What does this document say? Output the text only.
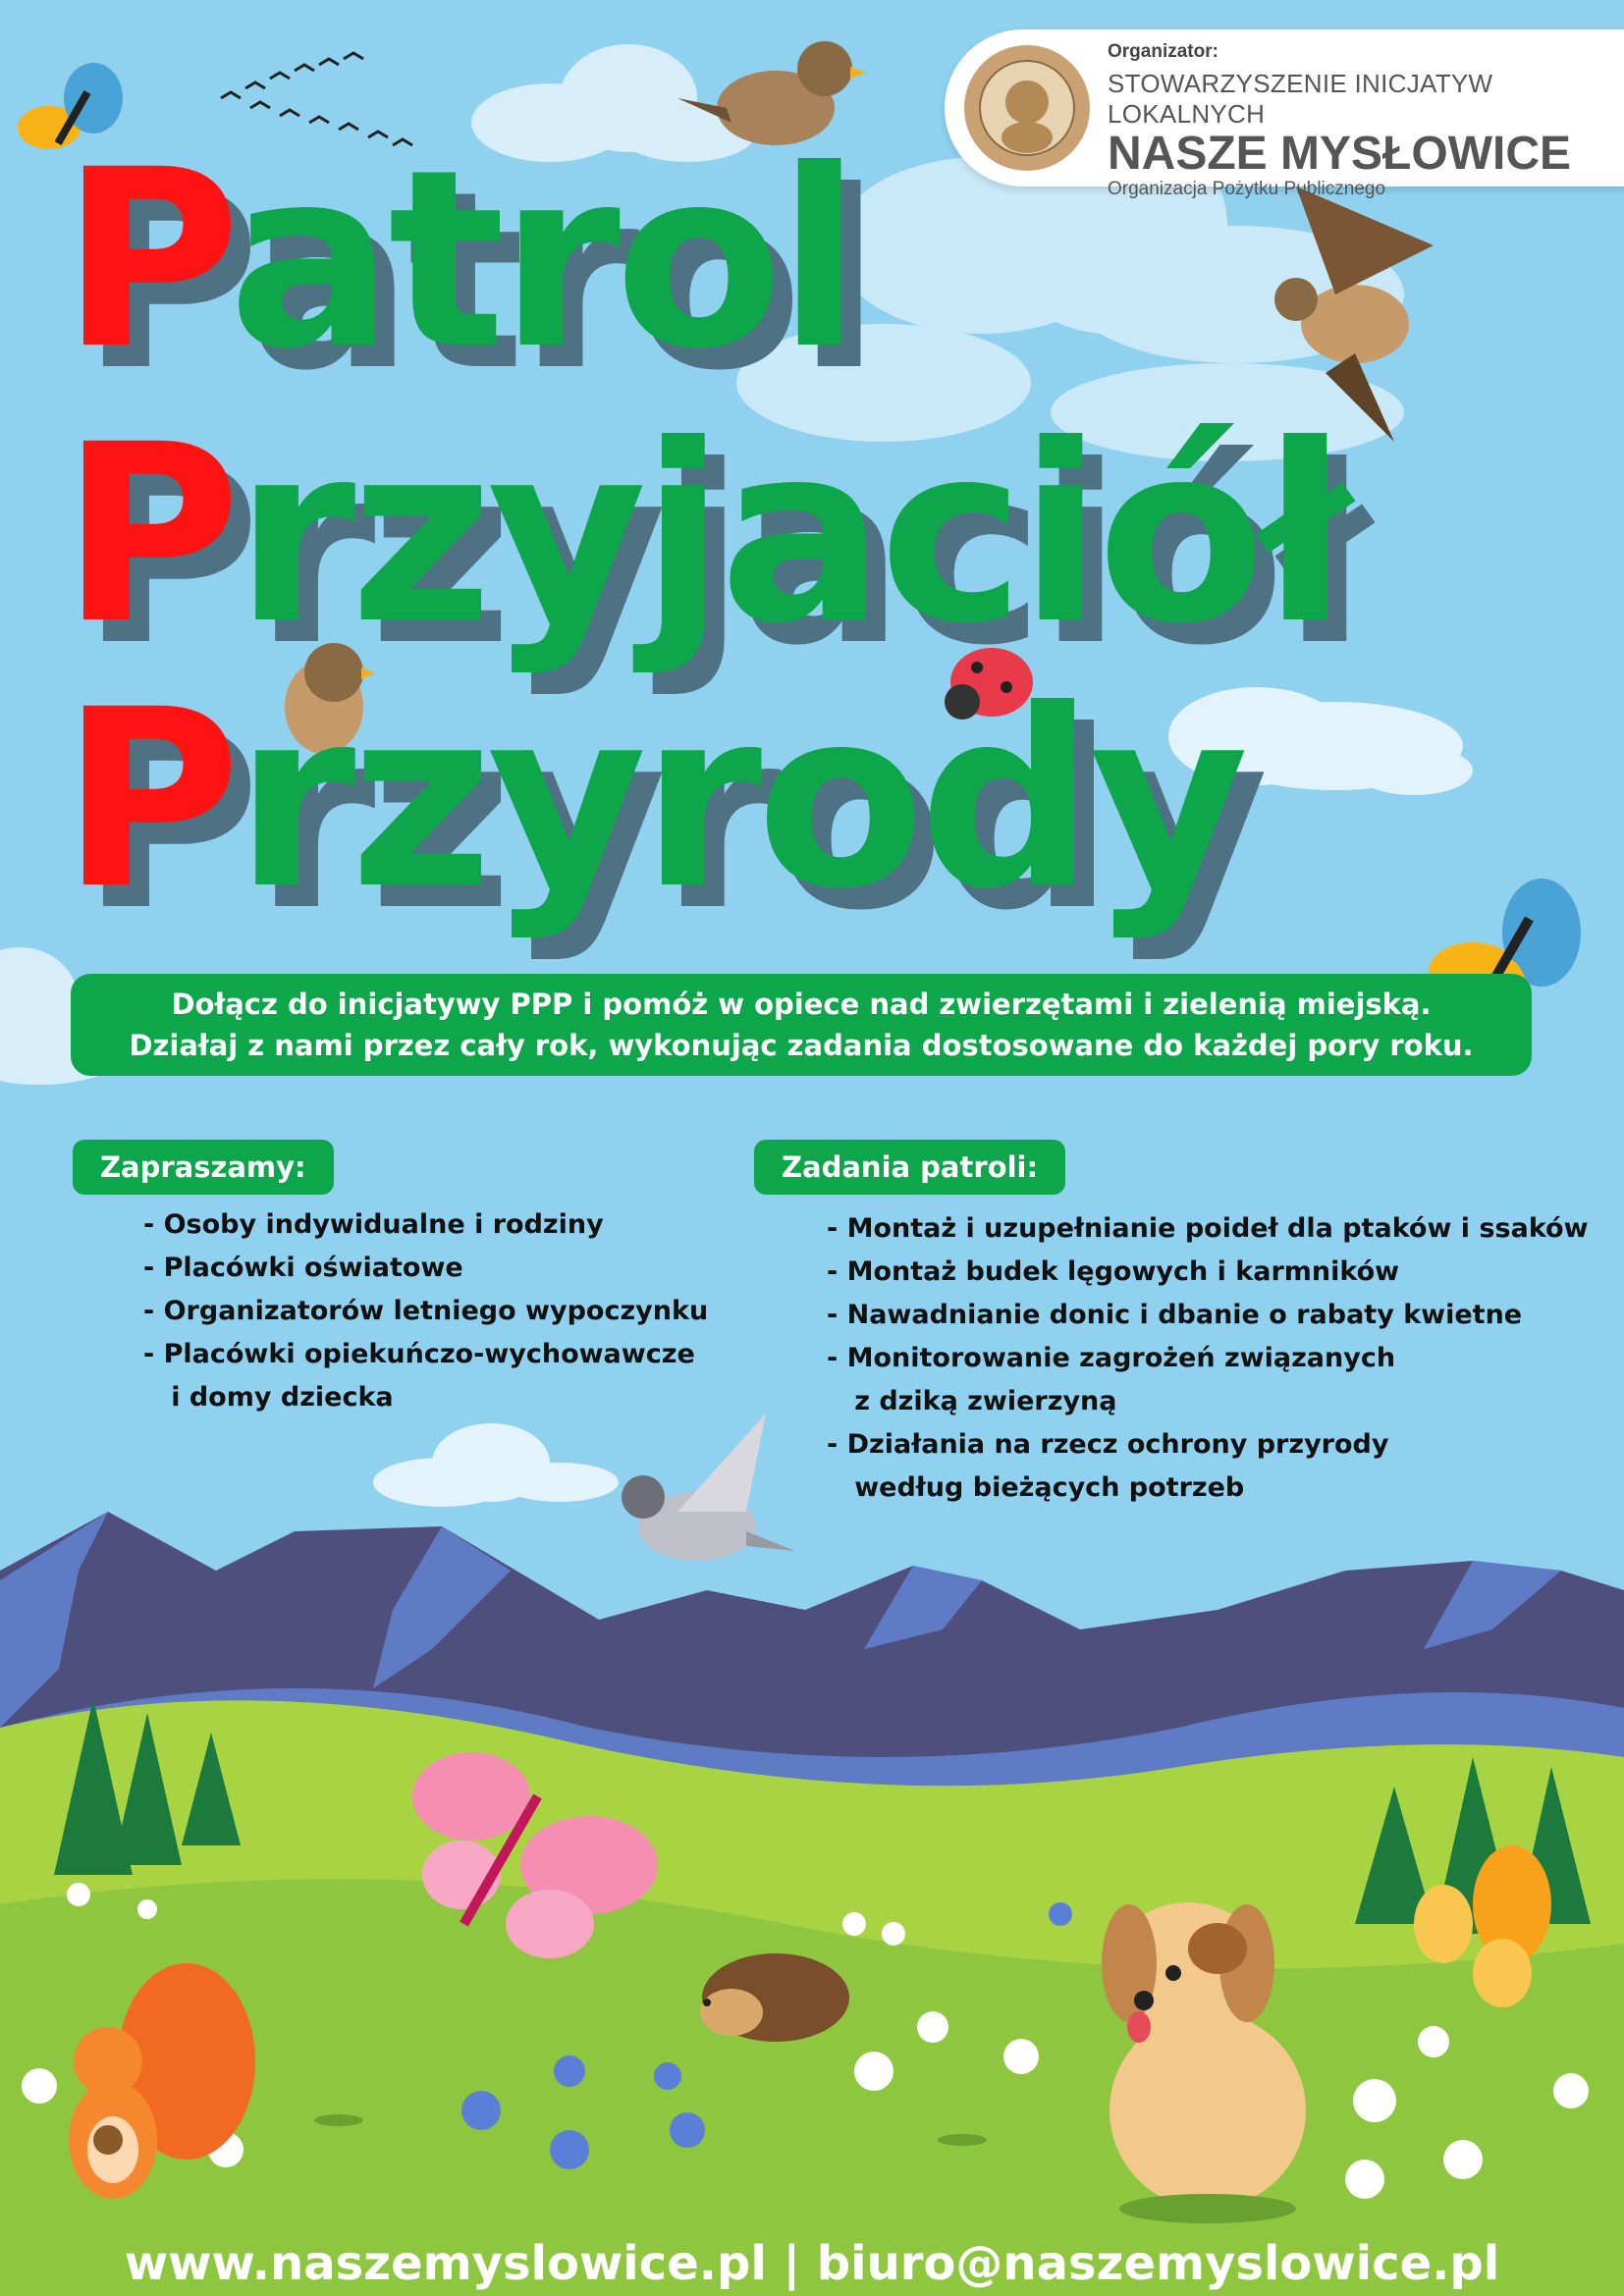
Organizator:
STOWARZYSZENIE INICJATYW LOKALNYCH
NASZE MYSŁOWICE
Organizacja Pożytku Publicznego
Patrol
Przyjaciół
Przyrody
Dołącz do inicjatywy PPP i pomóż w opiece nad zwierzętami i zielenią miejską.
Działaj z nami przez cały rok, wykonując zadania dostosowane do każdej pory roku.
Zapraszamy:
- Osoby indywidualne i rodziny
- Placówki oświatowe
- Organizatorów letniego wypoczynku
- Placówki opiekuńczo-wychowawcze
i domy dziecka
Zadania patroli:
- Montaż i uzupełnianie poideł dla ptaków i ssaków
- Montaż budek lęgowych i karmników
- Nawadnianie donic i dbanie o rabaty kwietne
- Monitorowanie zagrożeń związanych
z dziką zwierzyną
- Działania na rzecz ochrony przyrody
według bieżących potrzeb
www.naszemyslowice.pl | biuro@naszemyslowice.pl
